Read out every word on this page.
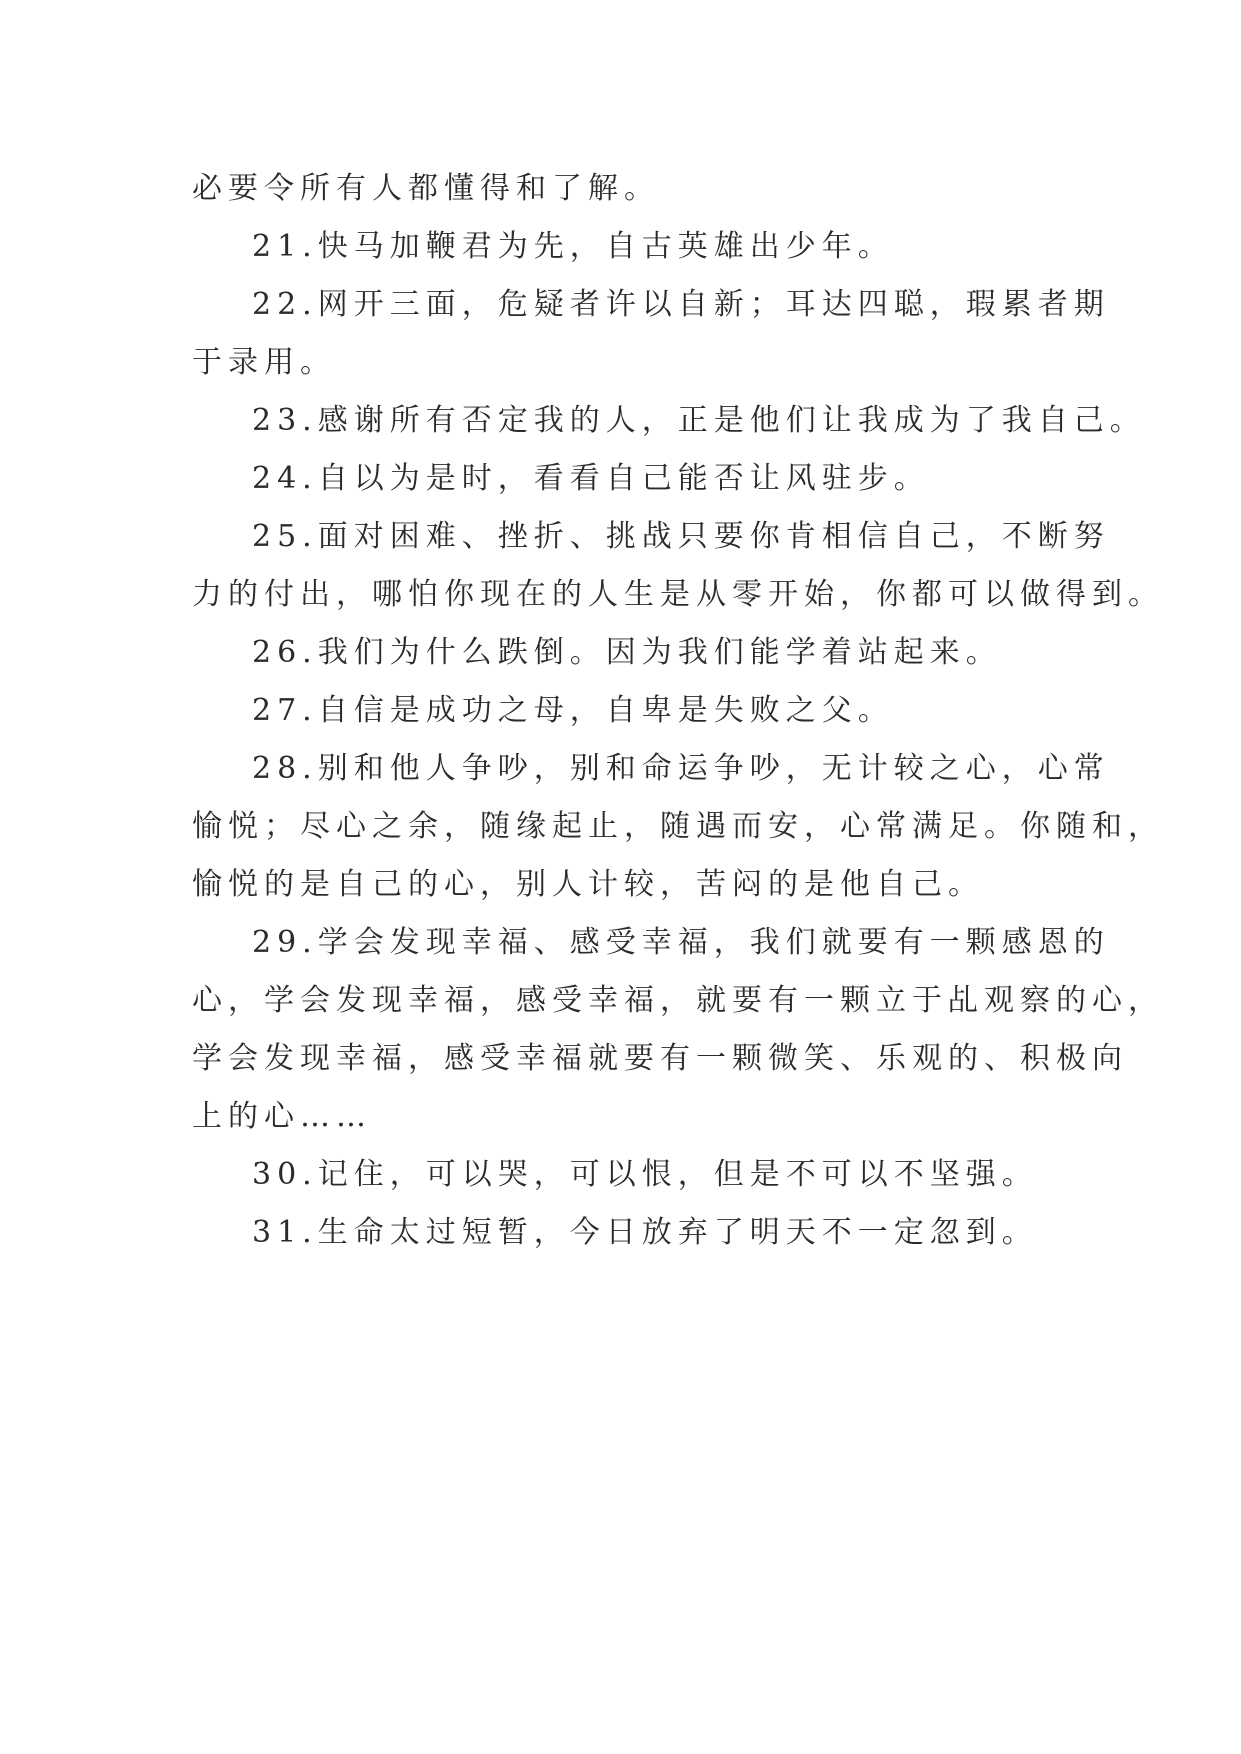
必要令所有人都懂得和了解。
21.快马加鞭君为先，自古英雄出少年。
22.网开三面，危疑者许以自新；耳达四聪，瑕累者期
于录用。
23.感谢所有否定我的人，正是他们让我成为了我自己。
24.自以为是时，看看自己能否让风驻步。
25.面对困难、挫折、挑战只要你肯相信自己，不断努
力的付出，哪怕你现在的人生是从零开始，你都可以做得到。
26.我们为什么跌倒。因为我们能学着站起来。
27.自信是成功之母，自卑是失败之父。
28.别和他人争吵，别和命运争吵，无计较之心，心常
愉悦；尽心之余，随缘起止，随遇而安，心常满足。你随和，
愉悦的是自己的心，别人计较，苦闷的是他自己。
29.学会发现幸福、感受幸福，我们就要有一颗感恩的
心，学会发现幸福，感受幸福，就要有一颗立于乩观察的心，
学会发现幸福，感受幸福就要有一颗微笑、乐观的、积极向
上的心……
30.记住，可以哭，可以恨，但是不可以不坚强。
31.生命太过短暂，今日放弃了明天不一定忽到。
